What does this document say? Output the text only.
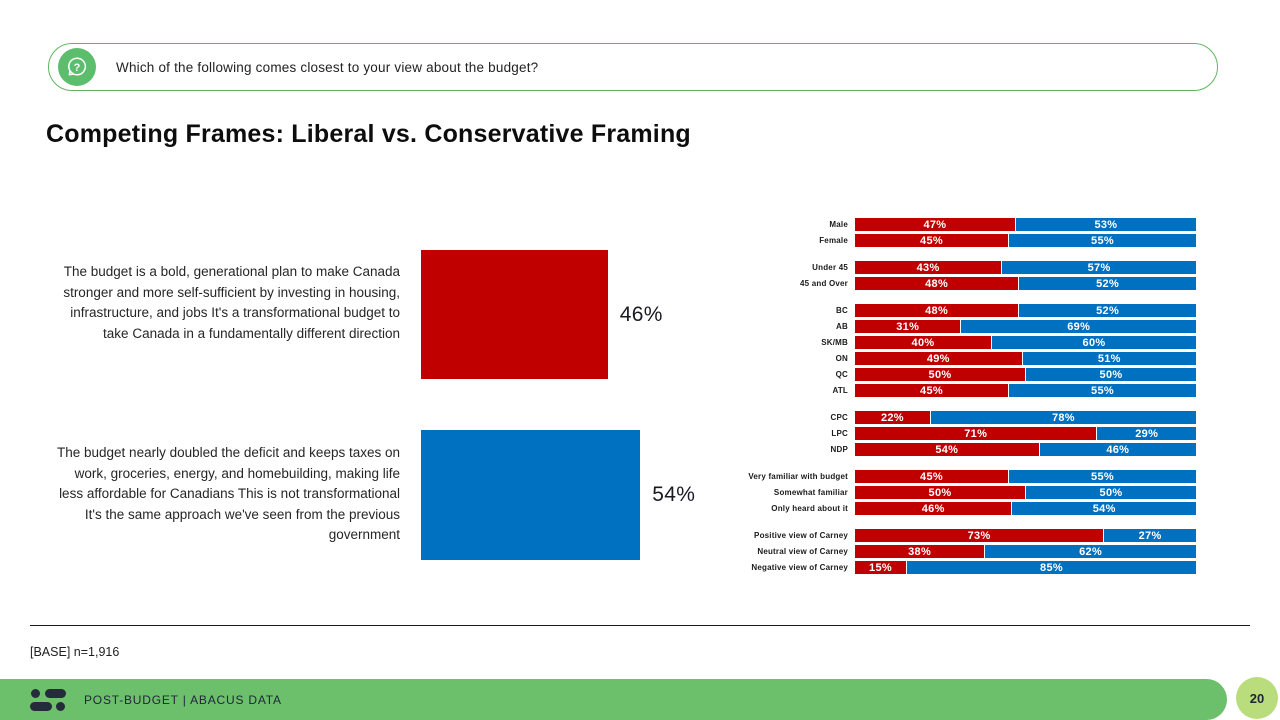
?	Which of the following comes closest to your view about the budget?
Competing Frames: Liberal vs. Conservative Framing
The budget is a bold, generational plan to make Canada stronger and more self-sufficient by investing in housing, infrastructure, and jobs It's a transformational budget to take Canada in a fundamentally different direction
46%
The budget nearly doubled the deficit and keeps taxes on work, groceries, energy, and homebuilding, making life less affordable for Canadians This is not transformational It's the same approach we've seen from the previous government
54%
Male	47%	53%
Female	45%	55%
Under 45	43%	57%
45 and Over	48%	52%
BC	48%	52%
AB	31%	69%
SK/MB	40%	60%
ON	49%	51%
QC	50%	50%
ATL	45%	55%
CPC	22%	78%
LPC	71%	29%
NDP	54%	46%
Very familiar with budget	45%	55%
Somewhat familiar	50%	50%
Only heard about it	46%	54%
Positive view of Carney	73%	27%
Neutral view of Carney	38%	62%
Negative view of Carney	15%	85%
[BASE] n=1,916
POST-BUDGET | ABACUS DATA	20
